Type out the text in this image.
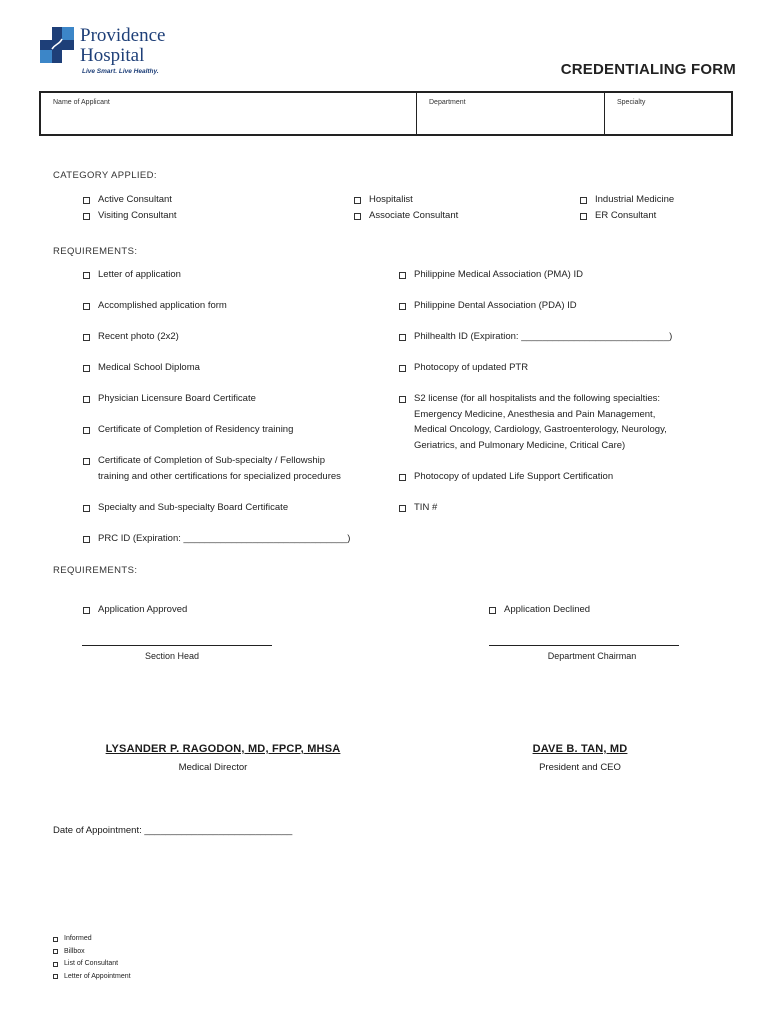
Providence
Hospital
Live Smart. Live Healthy.	CREDENTIALING FORM
Name of Applicant	Department	Specialty
CATEGORY APPLIED:
Active Consultant
Visiting Consultant
Hospitalist
Associate Consultant
Industrial Medicine
ER Consultant
REQUIREMENTS:
Letter of application
Accomplished application form
Recent photo (2x2)
Medical School Diploma
Physician Licensure Board Certificate
Certificate of Completion of Residency training
Certificate of Completion of Sub-specialty / Fellowship
training and other certifications for specialized procedures
Specialty and Sub-specialty Board Certificate
PRC ID (Expiration: _______________________________)
Philippine Medical Association (PMA) ID
Philippine Dental Association (PDA) ID
Philhealth ID (Expiration: ____________________________)
Photocopy of updated PTR
S2 license (for all hospitalists and the following specialties:
Emergency Medicine, Anesthesia and Pain Management,
Medical Oncology, Cardiology, Gastroenterology, Neurology,
Geriatrics, and Pulmonary Medicine, Critical Care)
Photocopy of updated Life Support Certification
TIN #
REQUIREMENTS:
Application Approved	Application Declined
Section Head	Department Chairman
LYSANDER P. RAGODON, MD, FPCP, MHSA
Medical Director
DAVE B. TAN, MD
President and CEO
Date of Appointment: ____________________________
Informed
Billbox
List of Consultant
Letter of Appointment
